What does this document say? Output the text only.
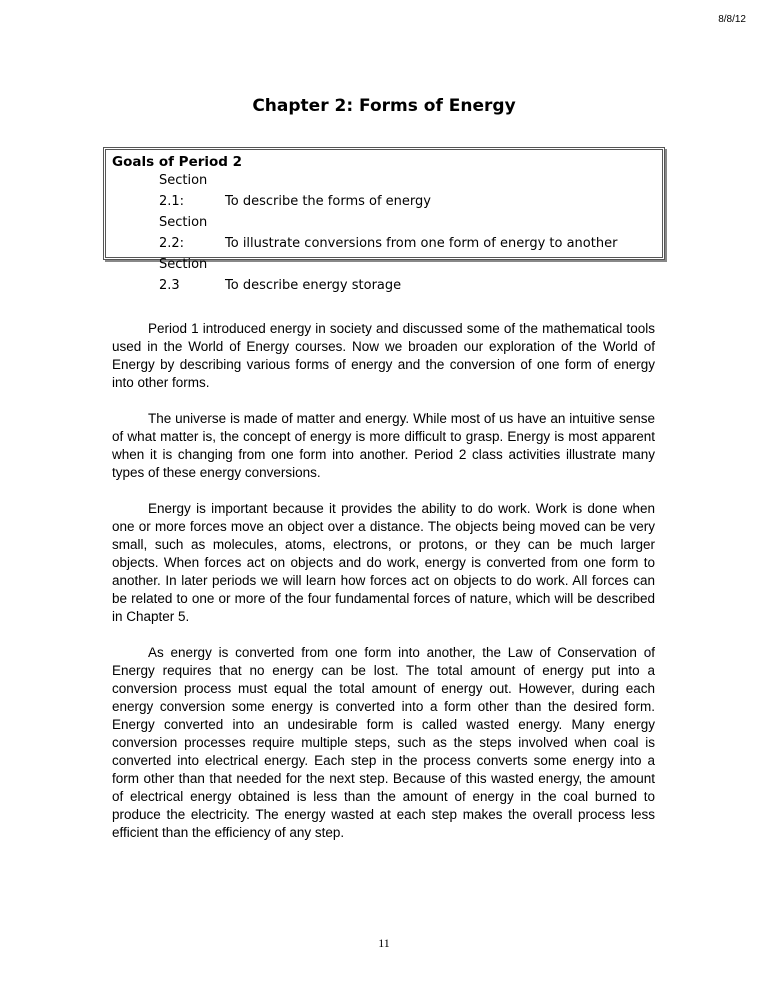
8/8/12
Chapter 2: Forms of Energy
Goals of Period 2
Section 2.1:	To describe the forms of energy
Section 2.2:	To illustrate conversions from one form of energy to another
Section 2.3	To describe energy storage

Period 1 introduced energy in society and discussed some of the mathematical tools used in the World of Energy courses. Now we broaden our exploration of the World of Energy by describing various forms of energy and the conversion of one form of energy into other forms.

The universe is made of matter and energy. While most of us have an intuitive sense of what matter is, the concept of energy is more difficult to grasp. Energy is most apparent when it is changing from one form into another. Period 2 class activities illustrate many types of these energy conversions.

Energy is important because it provides the ability to do work. Work is done when one or more forces move an object over a distance. The objects being moved can be very small, such as molecules, atoms, electrons, or protons, or they can be much larger objects. When forces act on objects and do work, energy is converted from one form to another. In later periods we will learn how forces act on objects to do work. All forces can be related to one or more of the four fundamental forces of nature, which will be described in Chapter 5.

As energy is converted from one form into another, the Law of Conservation of Energy requires that no energy can be lost. The total amount of energy put into a conversion process must equal the total amount of energy out. However, during each energy conversion some energy is converted into a form other than the desired form. Energy converted into an undesirable form is called wasted energy. Many energy conversion processes require multiple steps, such as the steps involved when coal is converted into electrical energy. Each step in the process converts some energy into a form other than that needed for the next step. Because of this wasted energy, the amount of electrical energy obtained is less than the amount of energy in the coal burned to produce the electricity. The energy wasted at each step makes the overall process less efficient than the efficiency of any step.

11
